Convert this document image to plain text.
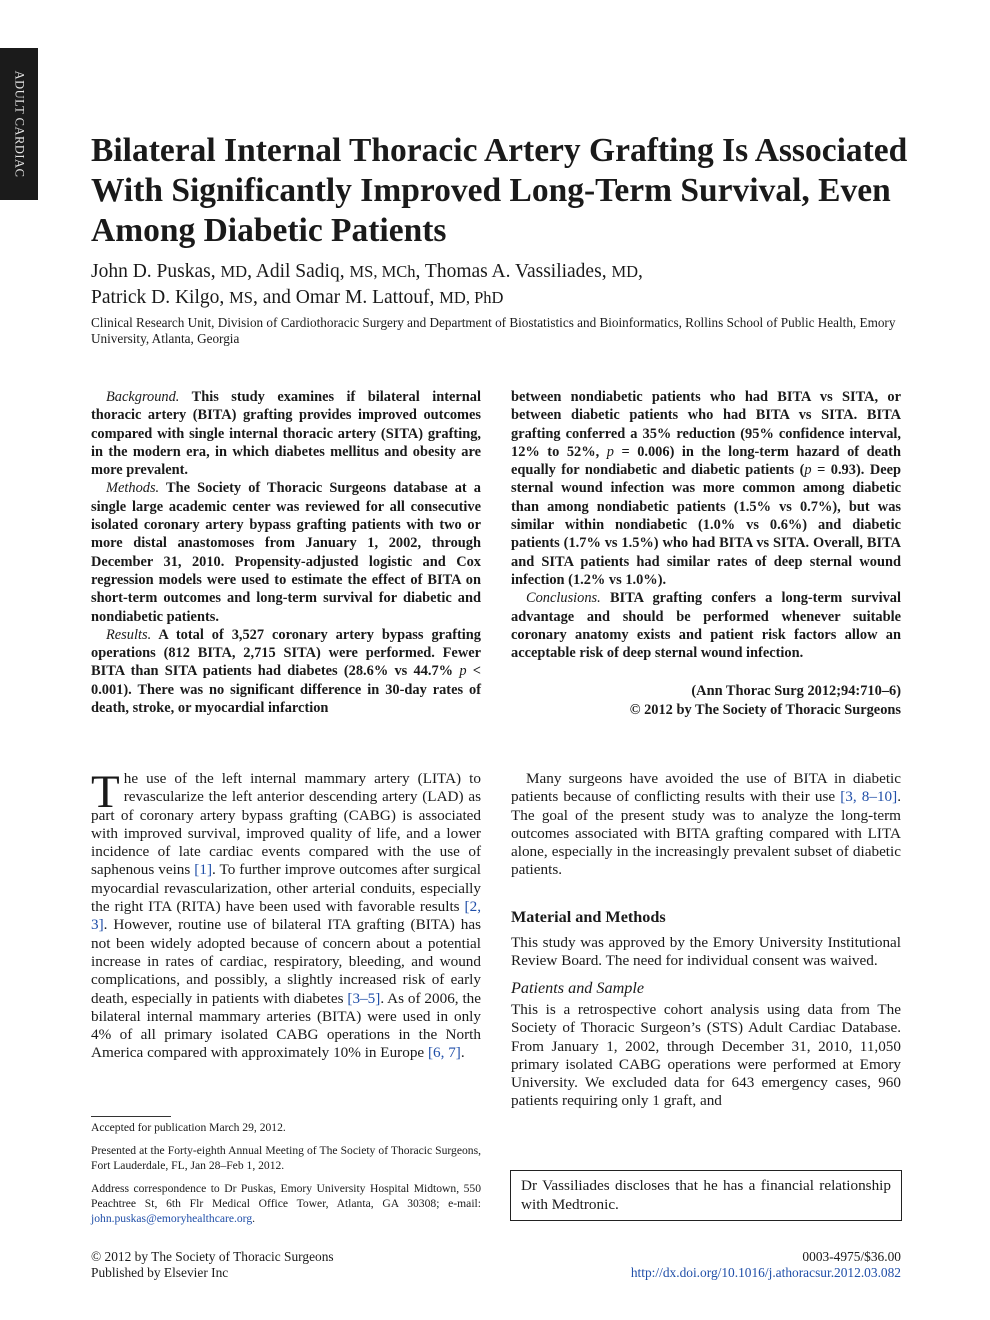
ADULT CARDIAC Bilateral Internal Thoracic Artery Grafting Is Associated With Significantly Improved Long-Term Survival, Even Among Diabetic Patients
John D. Puskas, MD, Adil Sadiq, MS, MCh, Thomas A. Vassiliades, MD,
Patrick D. Kilgo, MS, and Omar M. Lattouf, MD, PhD
Clinical Research Unit, Division of Cardiothoracic Surgery and Department of Biostatistics and Bioinformatics, Rollins School of Public Health, Emory University, Atlanta, Georgia

Background. This study examines if bilateral internal thoracic artery (BITA) grafting provides improved outcomes compared with single internal thoracic artery (SITA) grafting, in the modern era, in which diabetes mellitus and obesity are more prevalent.

Methods. The Society of Thoracic Surgeons database at a single large academic center was reviewed for all consecutive isolated coronary artery bypass grafting patients with two or more distal anastomoses from January 1, 2002, through December 31, 2010. Propensity-adjusted logistic and Cox regression models were used to estimate the effect of BITA on short-term outcomes and long-term survival for diabetic and nondiabetic patients.

Results. A total of 3,527 coronary artery bypass grafting operations (812 BITA, 2,715 SITA) were performed. Fewer BITA than SITA patients had diabetes (28.6% vs 44.7% p < 0.001). There was no significant difference in 30-day rates of death, stroke, or myocardial infarction

between nondiabetic patients who had BITA vs SITA, or between diabetic patients who had BITA vs SITA. BITA grafting conferred a 35% reduction (95% confidence interval, 12% to 52%, p = 0.006) in the long-term hazard of death equally for nondiabetic and diabetic patients (p = 0.93). Deep sternal wound infection was more common among diabetic than among nondiabetic patients (1.5% vs 0.7%), but was similar within nondiabetic (1.0% vs 0.6%) and diabetic patients (1.7% vs 1.5%) who had BITA vs SITA. Overall, BITA and SITA patients had similar rates of deep sternal wound infection (1.2% vs 1.0%).

Conclusions. BITA grafting confers a long-term survival advantage and should be performed whenever suitable coronary anatomy exists and patient risk factors allow an acceptable risk of deep sternal wound infection.

(Ann Thorac Surg 2012;94:710–6)
© 2012 by The Society of Thoracic Surgeons

The use of the left internal mammary artery (LITA) to revascularize the left anterior descending artery (LAD) as part of coronary artery bypass grafting (CABG) is associated with improved survival, improved quality of life, and a lower incidence of late cardiac events compared with the use of saphenous veins [1]. To further improve outcomes after surgical myocardial revascularization, other arterial conduits, especially the right ITA (RITA) have been used with favorable results [2, 3]. However, routine use of bilateral ITA grafting (BITA) has not been widely adopted because of concern about a potential increase in rates of cardiac, respiratory, bleeding, and wound complications, and possibly, a slightly increased risk of early death, especially in patients with diabetes [3–5]. As of 2006, the bilateral internal mammary arteries (BITA) were used in only 4% of all primary isolated CABG operations in the North America compared with approximately 10% in Europe [6, 7].

Many surgeons have avoided the use of BITA in diabetic patients because of conflicting results with their use [3, 8–10]. The goal of the present study was to analyze the long-term outcomes associated with BITA grafting compared with LITA alone, especially in the increasingly prevalent subset of diabetic patients.

Material and Methods

This study was approved by the Emory University Institutional Review Board. The need for individual consent was waived.

Patients and Sample

This is a retrospective cohort analysis using data from The Society of Thoracic Surgeon’s (STS) Adult Cardiac Database. From January 1, 2002, through December 31, 2010, 11,050 primary isolated CABG operations were performed at Emory University. We excluded data for 643 emergency cases, 960 patients requiring only 1 graft, and

Accepted for publication March 29, 2012.

Presented at the Forty-eighth Annual Meeting of The Society of Thoracic Surgeons, Fort Lauderdale, FL, Jan 28–Feb 1, 2012.

Address correspondence to Dr Puskas, Emory University Hospital Midtown, 550 Peachtree St, 6th Flr Medical Office Tower, Atlanta, GA 30308; e-mail: john.puskas@emoryhealthcare.org.

Dr Vassiliades discloses that he has a financial relationship with Medtronic.
© 2012 by The Society of Thoracic Surgeons
Published by Elsevier Inc
0003-4975/$36.00
http://dx.doi.org/10.1016/j.athoracsur.2012.03.082
